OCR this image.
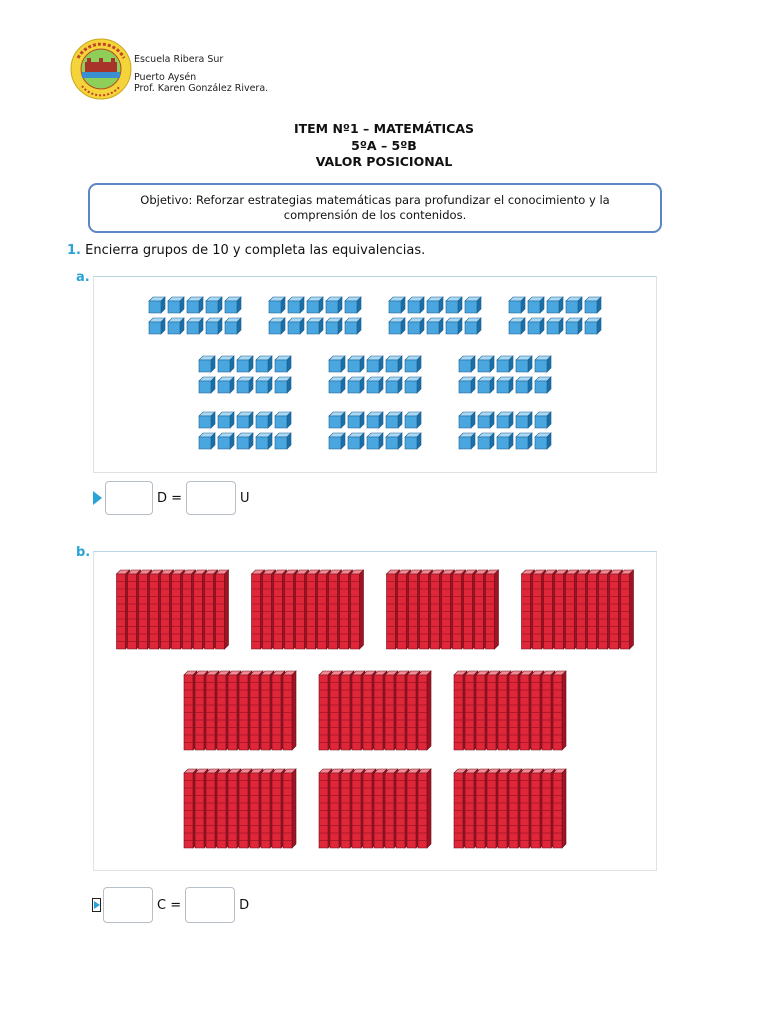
Escuela Ribera Sur
Puerto Aysén
Prof. Karen González Rivera.
ITEM Nº1 – MATEMÁTICAS
5ºA – 5ºB
VALOR POSICIONAL
Objetivo: Reforzar estrategias matemáticas para profundizar el conocimiento y la comprensión de los contenidos.
1. Encierra grupos de 10 y completa las equivalencias.
a.
D =	U
b.
C =	D
